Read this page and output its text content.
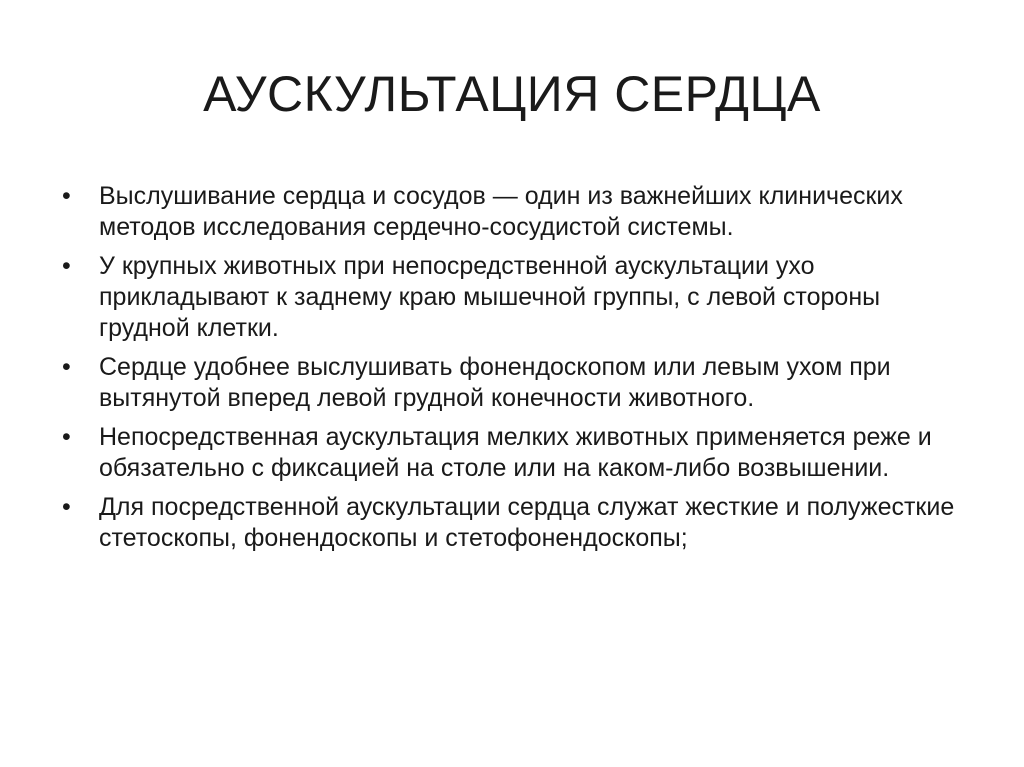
АУСКУЛЬТАЦИЯ СЕРДЦА
•	Выслушивание сердца и сосудов — один из важнейших клинических методов исследования сердечно-сосудистой системы.
•	У крупных животных при непосредственной аускультации ухо прикладывают к заднему краю мышечной группы, с левой стороны грудной клетки.
•	Сердце удобнее выслушивать фонендоскопом или левым ухом при вытянутой вперед левой грудной конечности животного.
•	Непосредственная аускультация мелких животных применяется реже и обязательно с фиксацией на столе или на каком-либо возвышении.
•	Для посредственной аускультации сердца служат жесткие и полужесткие стетоскопы, фонендоскопы и стетофонендоскопы;
